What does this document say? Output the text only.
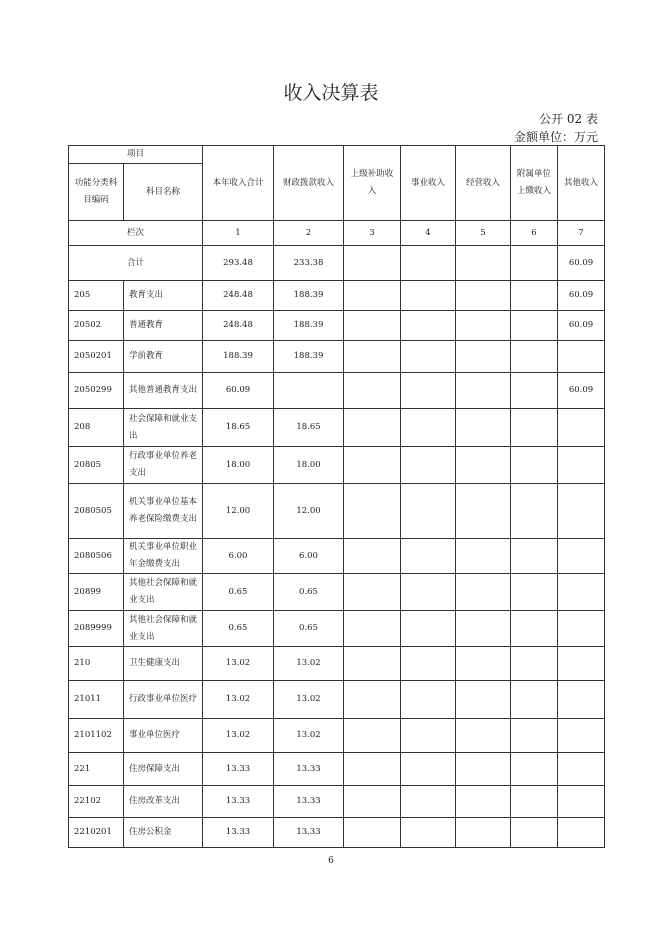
收入决算表
公开 02 表
金额单位：万元
项目		本年收入合计	财政拨款收入	上级补助收入	事业收入	经营收入	附属单位上缴收入	其他收入
功能分类科目编码	科目名称							
栏次		1	2	3	4	5	6	7
合计		293.48	233.38					60.09
205	教育支出	248.48	188.39					60.09
20502	普通教育	248.48	188.39					60.09
2050201	学前教育	188.39	188.39					
2050299	其他普通教育支出	60.09						60.09
208	社会保障和就业支出	18.65	18.65					
20805	行政事业单位养老支出	18.00	18.00					
2080505	机关事业单位基本养老保险缴费支出	12.00	12.00					
2080506	机关事业单位职业年金缴费支出	6.00	6.00					
20899	其他社会保障和就业支出	0.65	0.65					
2089999	其他社会保障和就业支出	0.65	0.65					
210	卫生健康支出	13.02	13.02					
21011	行政事业单位医疗	13.02	13.02					
2101102	事业单位医疗	13.02	13.02					
221	住房保障支出	13.33	13.33					
22102	住房改革支出	13.33	13.33					
2210201	住房公积金	13.33	13.33					
6
